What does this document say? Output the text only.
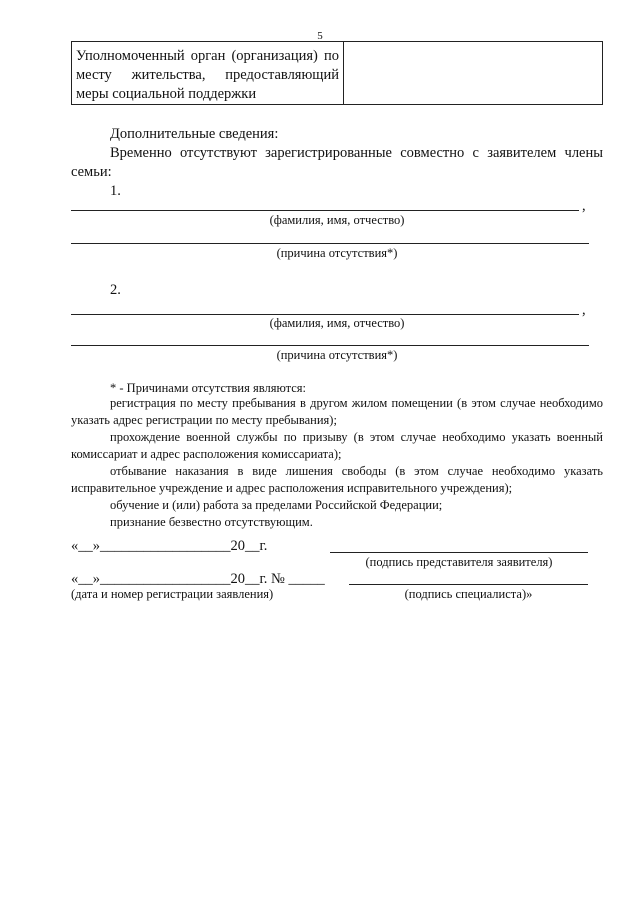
5
Уполномоченный орган (организация) по месту жительства, предоставляющий меры социальной поддержки
Дополнительные сведения:
Временно отсутствуют зарегистрированные совместно с заявителем члены семьи:
1.
,
(фамилия, имя, отчество)
(причина отсутствия*)
2.
,
(фамилия, имя, отчество)
(причина отсутствия*)
* - Причинами отсутствия являются:
регистрация по месту пребывания в другом жилом помещении (в этом случае необходимо указать адрес регистрации по месту пребывания);
прохождение военной службы по призыву (в этом случае необходимо указать военный комиссариат и адрес расположения комиссариата);
отбывание наказания в виде лишения свободы (в этом случае необходимо указать исправительное учреждение и адрес расположения исправительного учреждения);
обучение и (или) работа за пределами Российской Федерации;
признание безвестно отсутствующим.
«__»__________________20__г.
(подпись представителя заявителя)
«__»__________________20__г. № _____
(дата и номер регистрации заявления)	(подпись специалиста)»
